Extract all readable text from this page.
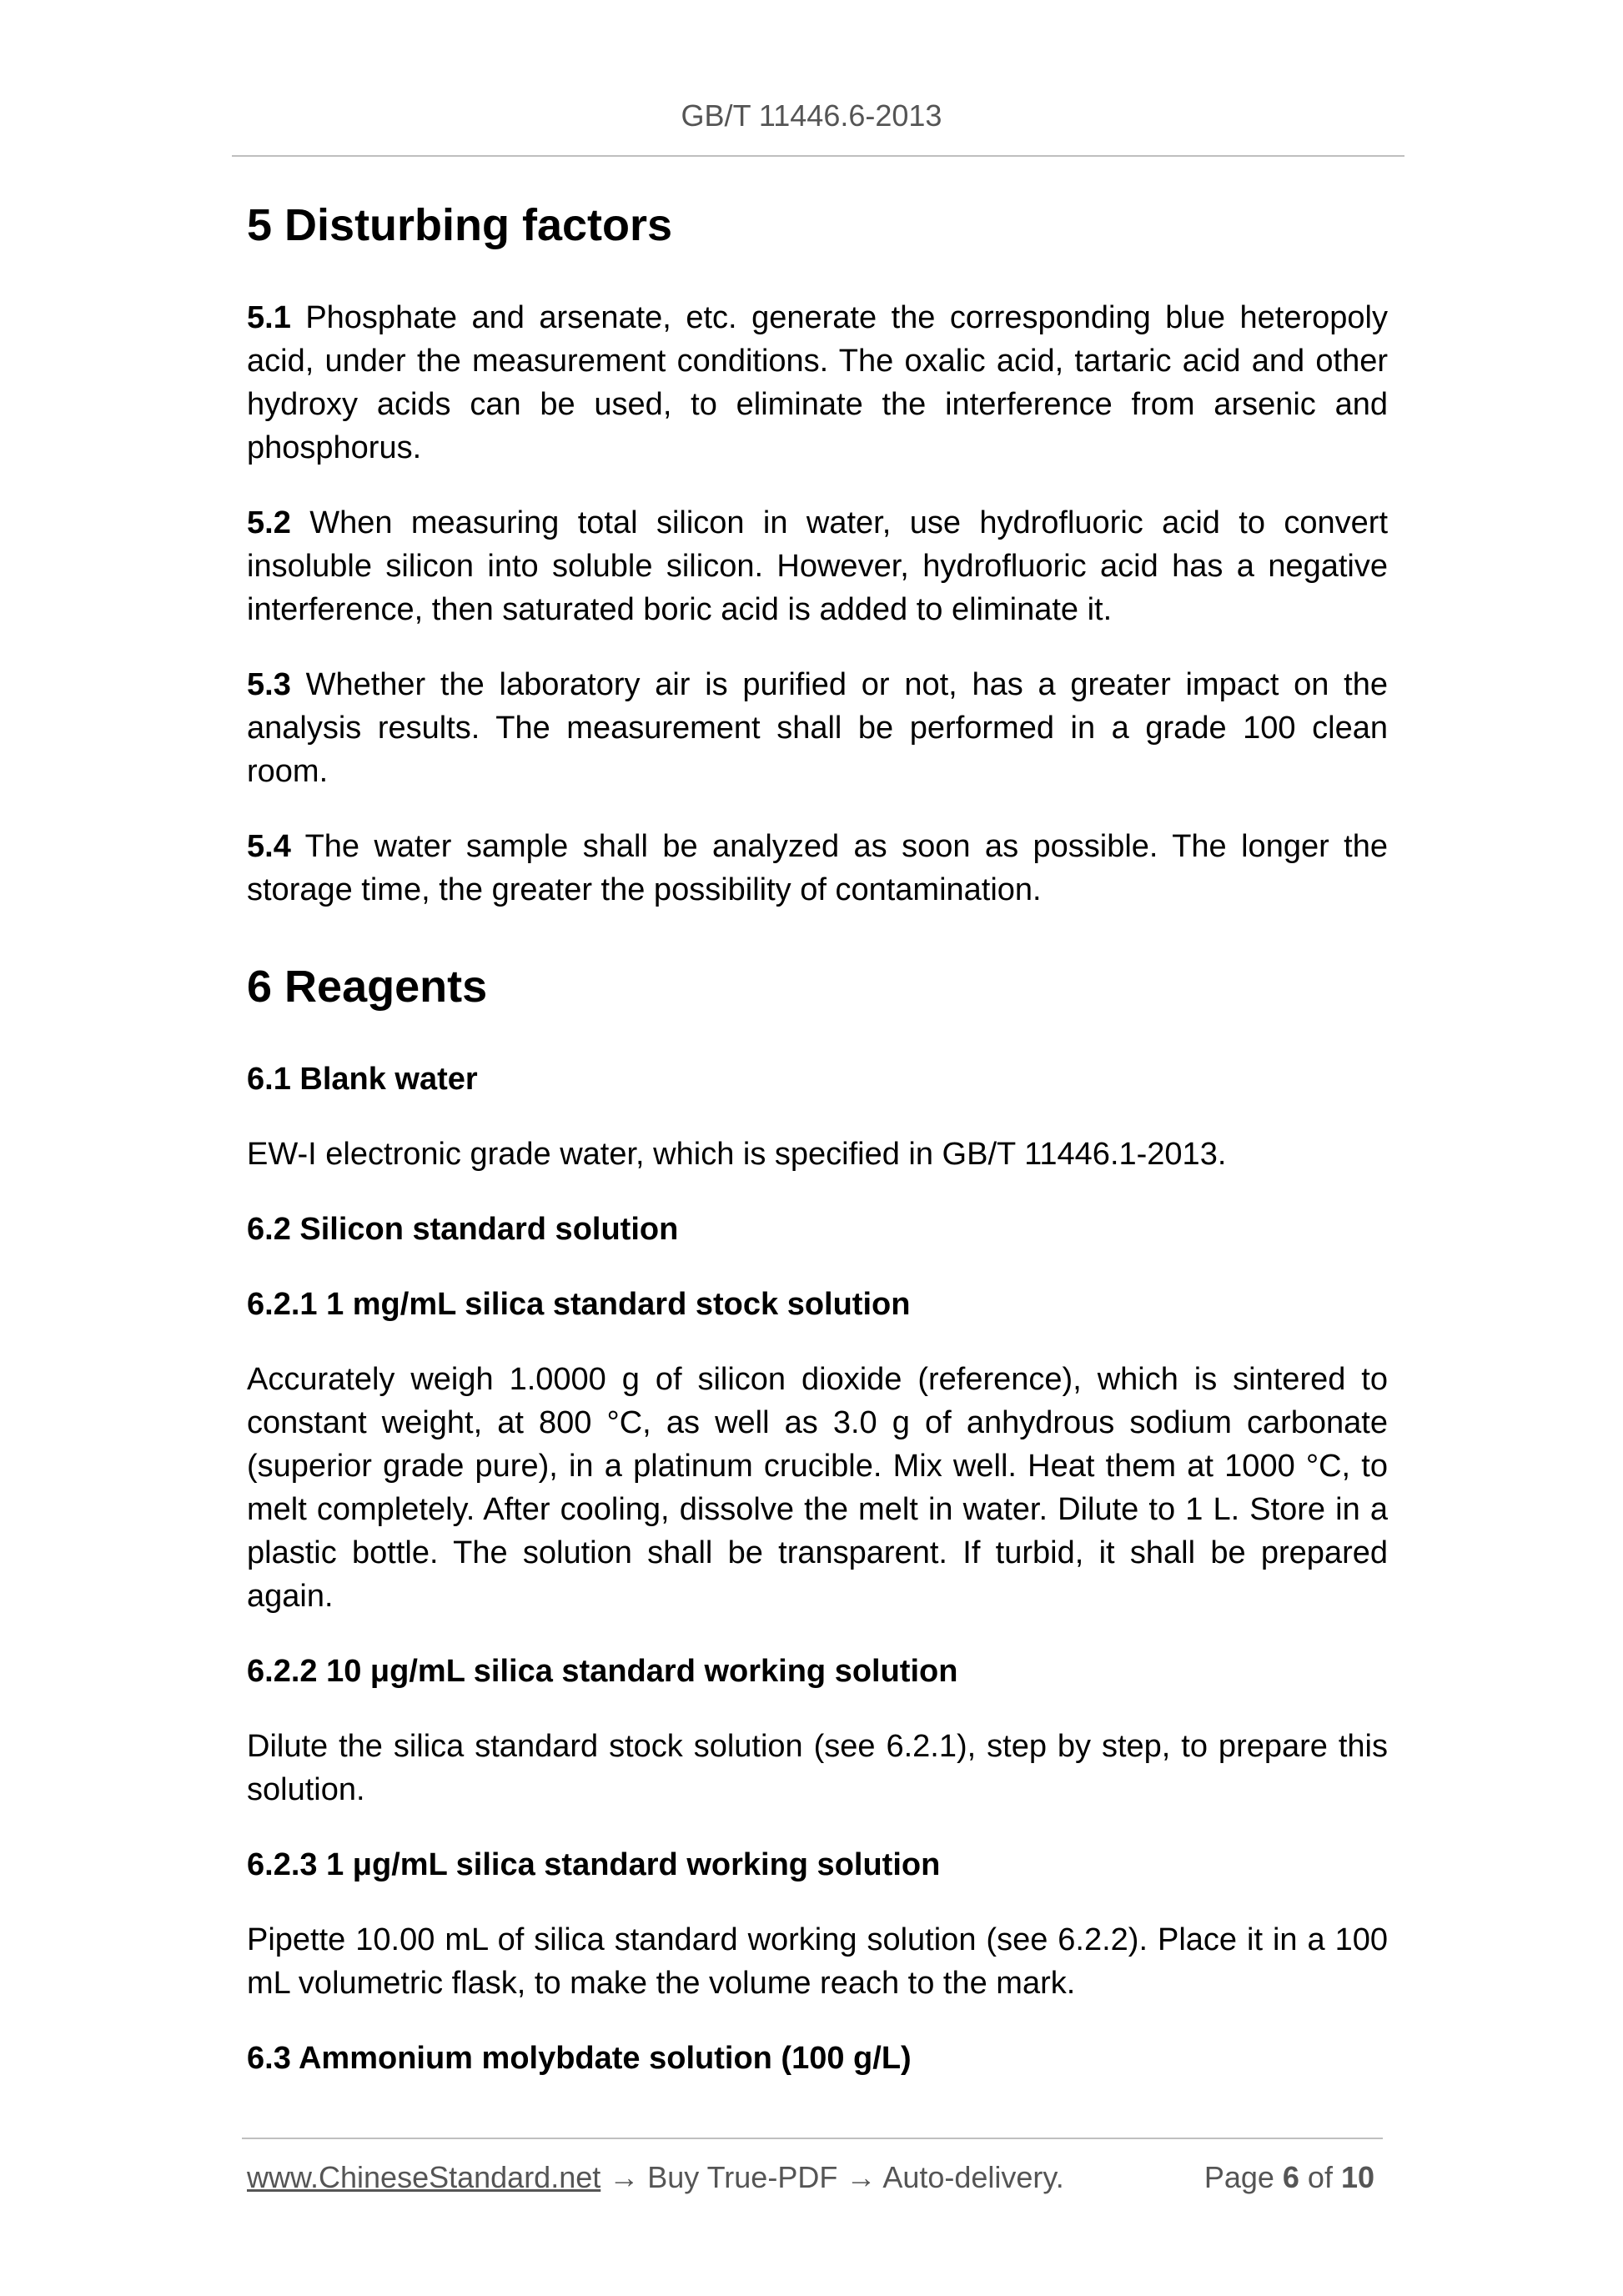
GB/T 11446.6-2013
5 Disturbing factors

5.1 Phosphate and arsenate, etc. generate the corresponding blue heteropoly acid, under the measurement conditions. The oxalic acid, tartaric acid and other hydroxy acids can be used, to eliminate the interference from arsenic and phosphorus.

5.2 When measuring total silicon in water, use hydrofluoric acid to convert insoluble silicon into soluble silicon. However, hydrofluoric acid has a negative interference, then saturated boric acid is added to eliminate it.

5.3 Whether the laboratory air is purified or not, has a greater impact on the analysis results. The measurement shall be performed in a grade 100 clean room.

5.4 The water sample shall be analyzed as soon as possible. The longer the storage time, the greater the possibility of contamination.

6 Reagents
6.1 Blank water

EW-I electronic grade water, which is specified in GB/T 11446.1-2013.

6.2 Silicon standard solution
6.2.1 1 mg/mL silica standard stock solution

Accurately weigh 1.0000 g of silicon dioxide (reference), which is sintered to constant weight, at 800 °C, as well as 3.0 g of anhydrous sodium carbonate (superior grade pure), in a platinum crucible. Mix well. Heat them at 1000 °C, to melt completely. After cooling, dissolve the melt in water. Dilute to 1 L. Store in a plastic bottle. The solution shall be transparent. If turbid, it shall be prepared again.

6.2.2 10 μg/mL silica standard working solution

Dilute the silica standard stock solution (see 6.2.1), step by step, to prepare this solution.

6.2.3 1 μg/mL silica standard working solution

Pipette 10.00 mL of silica standard working solution (see 6.2.2). Place it in a 100 mL volumetric flask, to make the volume reach to the mark.

6.3 Ammonium molybdate solution (100 g/L)
www.ChineseStandard.net → Buy True-PDF → Auto-delivery.	Page 6 of 10
